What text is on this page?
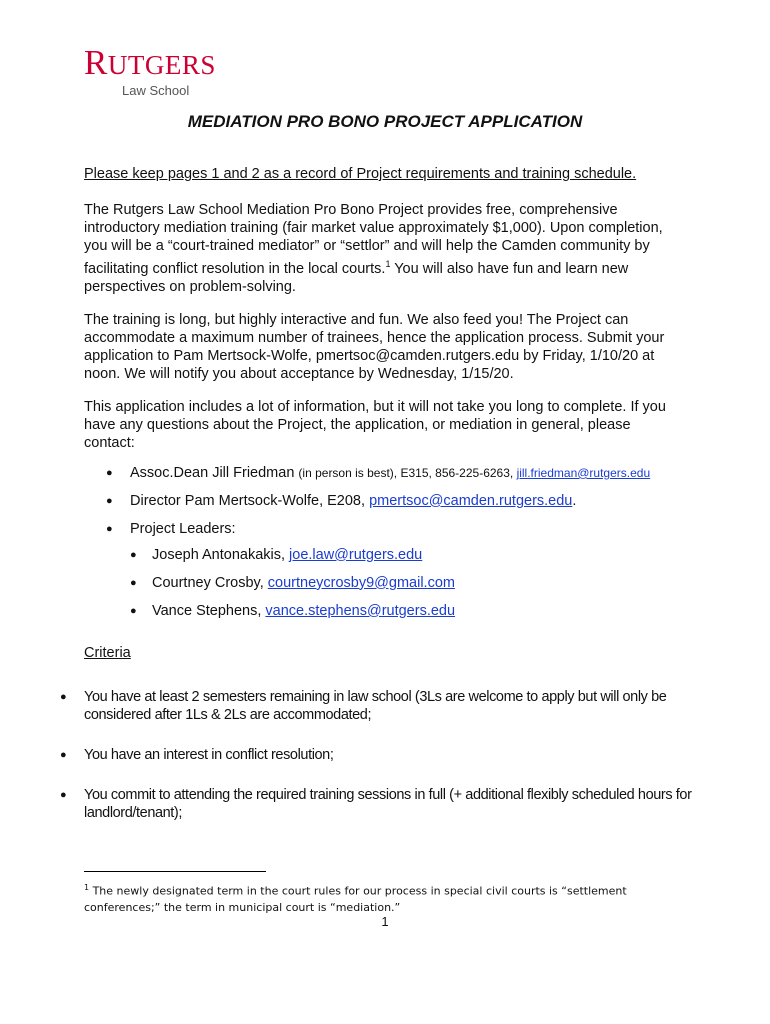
RUTGERS
Law School
MEDIATION PRO BONO PROJECT APPLICATION

Please keep pages 1 and 2 as a record of Project requirements and training schedule.

The Rutgers Law School Mediation Pro Bono Project provides free, comprehensive introductory mediation training (fair market value approximately $1,000). Upon completion, you will be a “court-trained mediator” or “settlor” and will help the Camden community by facilitating conflict resolution in the local courts.$^1$ You will also have fun and learn new perspectives on problem-solving.

The training is long, but highly interactive and fun. We also feed you! The Project can accommodate a maximum number of trainees, hence the application process. Submit your application to Pam Mertsock-Wolfe, pmertsoc@camden.rutgers.edu by Friday, 1/10/20 at noon. We will notify you about acceptance by Wednesday, 1/15/20.

This application includes a lot of information, but it will not take you long to complete. If you have any questions about the Project, the application, or mediation in general, please contact:

● Assoc.Dean Jill Friedman (in person is best), E315, 856-225-6263, jill.friedman@rutgers.edu
● Director Pam Mertsock-Wolfe, E208, pmertsoc@camden.rutgers.edu.
● Project Leaders:
● Joseph Antonakakis, joe.law@rutgers.edu
● Courtney Crosby, courtneycrosby9@gmail.com
● Vance Stephens, vance.stephens@rutgers.edu

Criteria

● You have at least 2 semesters remaining in law school (3Ls are welcome to apply but will only be considered after 1Ls & 2Ls are accommodated;
● You have an interest in conflict resolution;
● You commit to attending the required training sessions in full (+ additional flexibly scheduled hours for landlord/tenant);
$^1$ The newly designated term in the court rules for our process in special civil courts is “settlement conferences;” the term in municipal court is “mediation.”
1
